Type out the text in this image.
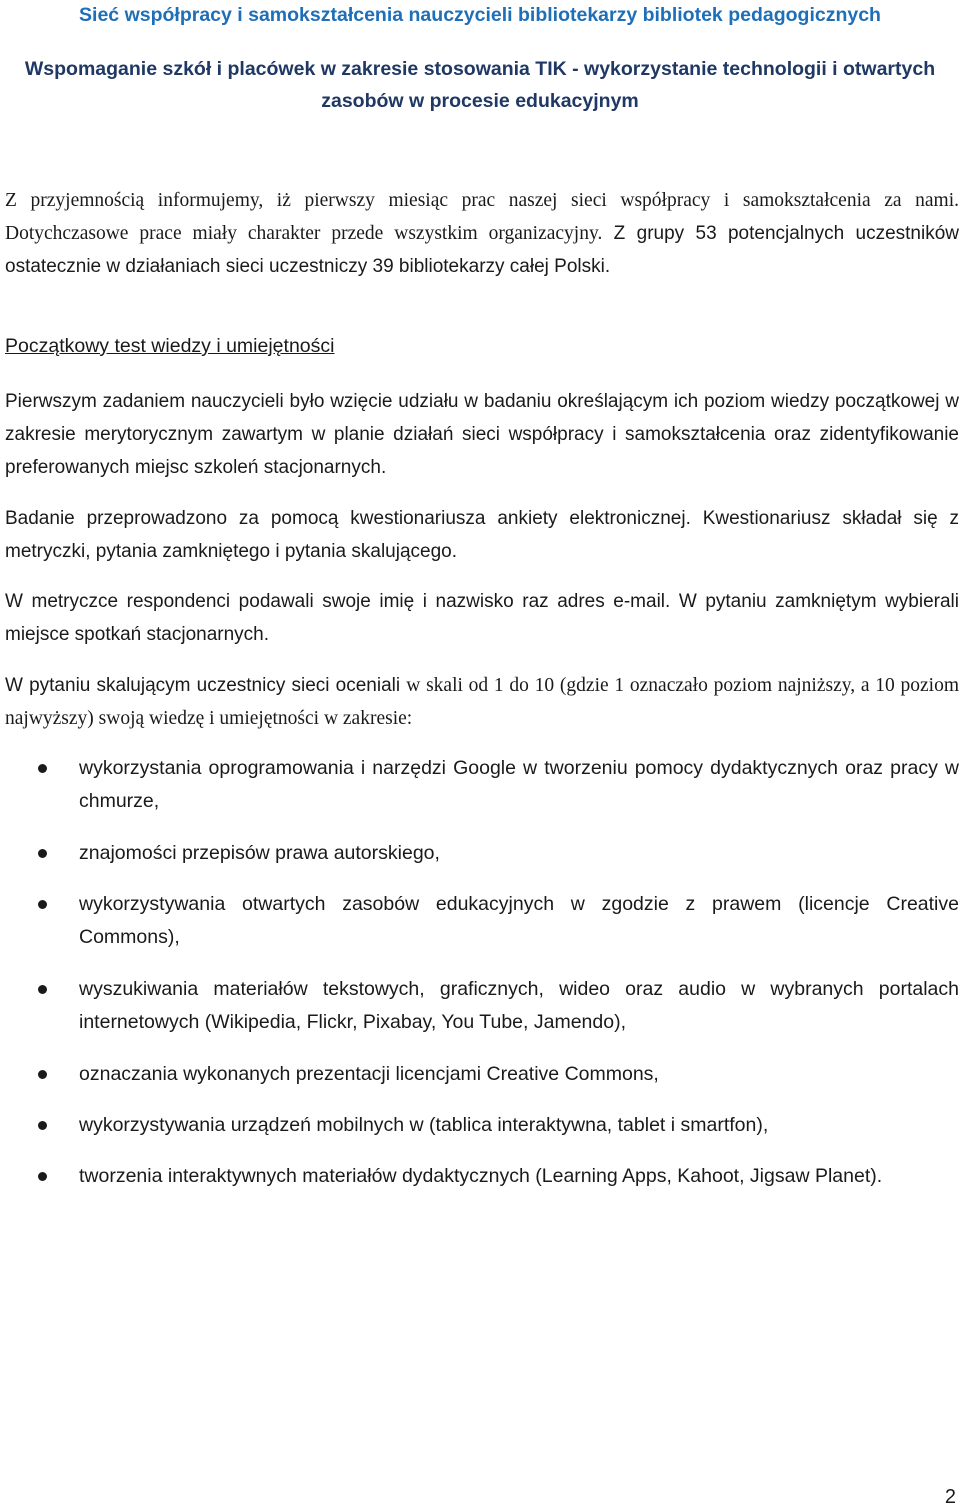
Sieć współpracy i samokształcenia nauczycieli bibliotekarzy bibliotek pedagogicznych
Wspomaganie szkół i placówek w zakresie stosowania TIK - wykorzystanie technologii i otwartych zasobów w procesie edukacyjnym
Z przyjemnością informujemy, iż pierwszy miesiąc prac naszej sieci współpracy i samokształcenia za nami. Dotychczasowe prace miały charakter przede wszystkim organizacyjny. Z grupy 53 potencjalnych uczestników ostatecznie w działaniach sieci uczestniczy 39 bibliotekarzy całej Polski.
Początkowy test wiedzy i umiejętności
Pierwszym zadaniem nauczycieli było wzięcie udziału w badaniu określającym ich poziom wiedzy początkowej w zakresie merytorycznym zawartym w planie działań sieci współpracy i samokształcenia oraz zidentyfikowanie preferowanych miejsc szkoleń stacjonarnych.
Badanie przeprowadzono za pomocą kwestionariusza ankiety elektronicznej. Kwestionariusz składał się z metryczki, pytania zamkniętego i pytania skalującego.
W metryczce respondenci podawali swoje imię i nazwisko raz adres e-mail. W pytaniu zamkniętym wybierali miejsce spotkań stacjonarnych.
W pytaniu skalującym uczestnicy sieci oceniali w skali od 1 do 10 (gdzie 1 oznaczało poziom najniższy, a 10 poziom najwyższy) swoją wiedzę i umiejętności w zakresie:
wykorzystania oprogramowania i narzędzi Google w tworzeniu pomocy dydaktycznych oraz pracy w chmurze,
znajomości przepisów prawa autorskiego,
wykorzystywania otwartych zasobów edukacyjnych w zgodzie z prawem (licencje Creative Commons),
wyszukiwania materiałów tekstowych, graficznych, wideo oraz audio w wybranych portalach internetowych (Wikipedia, Flickr, Pixabay, You Tube, Jamendo),
oznaczania wykonanych prezentacji licencjami Creative Commons,
wykorzystywania urządzeń mobilnych w (tablica interaktywna, tablet i smartfon),
tworzenia interaktywnych materiałów dydaktycznych (Learning Apps, Kahoot, Jigsaw Planet).
2
